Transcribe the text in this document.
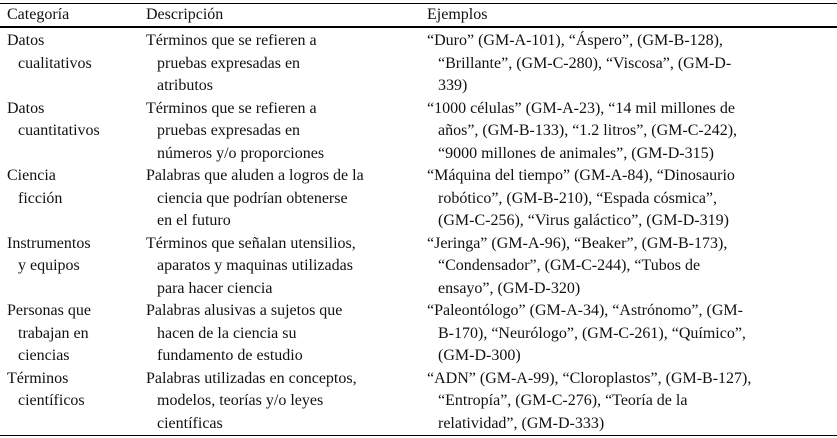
Categoría	Descripción	Ejemplos
Datos
cualitativos
Términos que se refieren a
pruebas expresadas en
atributos
“Duro” (GM-A-101), “Áspero”, (GM-B-128),
“Brillante”, (GM-C-280), “Viscosa”, (GM-D-
339)
Datos
cuantitativos
Términos que se refieren a
pruebas expresadas en
números y/o proporciones
“1000 células” (GM-A-23), “14 mil millones de
años”, (GM-B-133), “1.2 litros”, (GM-C-242),
“9000 millones de animales”, (GM-D-315)
Ciencia
ficción
Palabras que aluden a logros de la
ciencia que podrían obtenerse
en el futuro
“Máquina del tiempo” (GM-A-84), “Dinosaurio
robótico”, (GM-B-210), “Espada cósmica”,
(GM-C-256), “Virus galáctico”, (GM-D-319)
Instrumentos
y equipos
Términos que señalan utensilios,
aparatos y maquinas utilizadas
para hacer ciencia
“Jeringa” (GM-A-96), “Beaker”, (GM-B-173),
“Condensador”, (GM-C-244), “Tubos de
ensayo”, (GM-D-320)
Personas que
trabajan en
ciencias
Palabras alusivas a sujetos que
hacen de la ciencia su
fundamento de estudio
“Paleontólogo” (GM-A-34), “Astrónomo”, (GM-
B-170), “Neurólogo”, (GM-C-261), “Químico”,
(GM-D-300)
Términos
científicos
Palabras utilizadas en conceptos,
modelos, teorías y/o leyes
científicas
“ADN” (GM-A-99), “Cloroplastos”, (GM-B-127),
“Entropía”, (GM-C-276), “Teoría de la
relatividad”, (GM-D-333)
